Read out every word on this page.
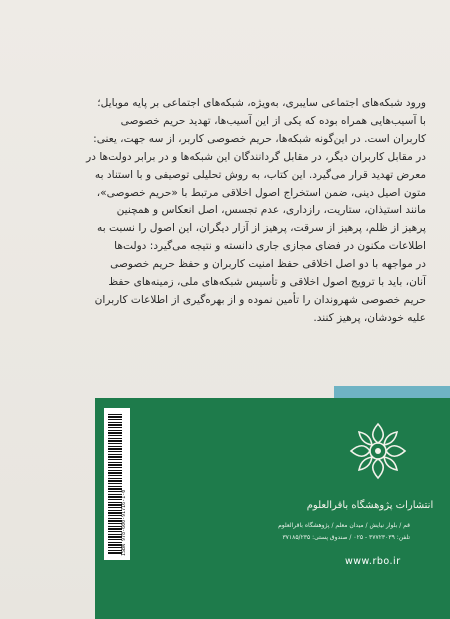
ورود شبکه‌های اجتماعی سایبری، به‌ویژه، شبکه‌های اجتماعی بر پایه موبایل؛

با آسیب‌هایی همراه بوده که یکی از این آسیب‌ها، تهدید حریم خصوصی

کاربران است. در این‌گونه شبکه‌ها، حریم خصوصی کاربر، از سه جهت، یعنی:

در مقابل کاربران دیگر، در مقابل گردانندگان این شبکه‌ها و در برابر دولت‌ها در

معرض تهدید قرار می‌گیرد. این کتاب، به روش تحلیلی توصیفی و با استناد به

متون اصیل دینی، ضمن استخراج اصول اخلاقی مرتبط با «حریم خصوصی»،

مانند استیذان، ستاریت، رازداری، عدم تجسس، اصل انعکاس و همچنین

پرهیز از ظلم، پرهیز از سرقت، پرهیز از آزار دیگران، این اصول را نسبت به

اطلاعات مکنون در فضای مجازی جاری دانسته و نتیجه می‌گیرد: دولت‌ها

در مواجهه با دو اصل اخلاقی حفظ امنیت کاربران و حفظ حریم خصوصی

آنان، باید با ترویج اصول اخلاقی و تأسیس شبکه‌های ملی، زمینه‌های حفظ

حریم خصوصی شهروندان را تأمین نموده و از بهره‌گیری از اطلاعات کاربران

علیه خودشان، پرهیز کنند.

ISBN 978-600-91716-1-0	انتشارات پژوهشگاه باقرالعلوم
قم / بلوار نیایش / میدان معلم / پژوهشگاه باقرالعلوم
تلفن: ۳۷۷۲۳۰۳۹ - ۰۲۵ / صندوق پستی: ۳۷۱۸۵/۲۳۵
www.rbo.ir
